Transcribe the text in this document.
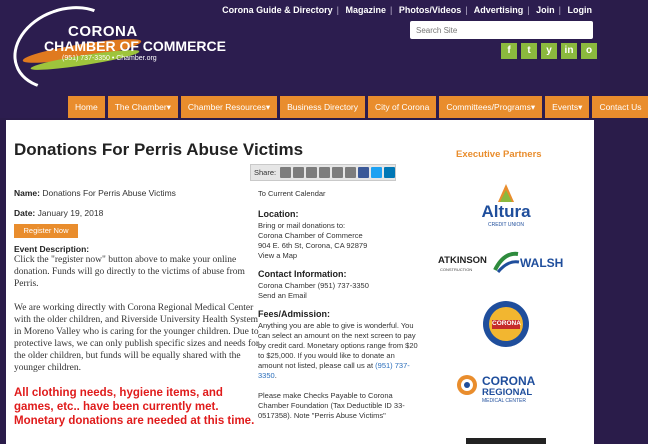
CORONA
CHAMBER OF COMMERCE
(951) 737-3350 • Chamber.org
Corona Guide & Directory | Magazine | Photos/Videos | Advertising | Join | Login
Search Site
f	t	y	in	o
Home	The Chamber▾	Chamber Resources▾	Business Directory	City of Corona	Committees/Programs▾	Events▾	Contact Us
Donations For Perris Abuse Victims
Share:
Name: Donations For Perris Abuse Victims
Date: January 19, 2018
Register Now
Event Description:
Click the "register now" button above to make your online donation. Funds will go directly to the victims of abuse from Perris.
We are working directly with Corona Regional Medical Center with the older children, and Riverside University Health System in Moreno Valley who is caring for the younger children. Due to protective laws, we can only publish specific sizes and needs for the older children, but funds will be equally shared with the younger children.
All clothing needs, hygiene items, and games, etc.. have been currently met. Monetary donations are needed at this time.
To Current Calendar
Location:
Bring or mail donations to:
Corona Chamber of Commerce
904 E. 6th St, Corona, CA 92879
View a Map
Contact Information:
Corona Chamber (951) 737-3350
Send an Email
Fees/Admission:
Anything you are able to give is wonderful. You can select an amount on the next screen to pay by credit card. Monetary options range from $20 to $25,000. If you would like to donate an amount not listed, please call us at (951) 737-3350.
Please make Checks Payable to Corona Chamber Foundation (Tax Deductible ID 33-0517358). Note "Perris Abuse Victims"
Executive Partners
Altura
CREDIT UNION
ATKINSON
CONSTRUCTION	WALSH
CORONA
CORONA
REGIONAL
MEDICAL CENTER
